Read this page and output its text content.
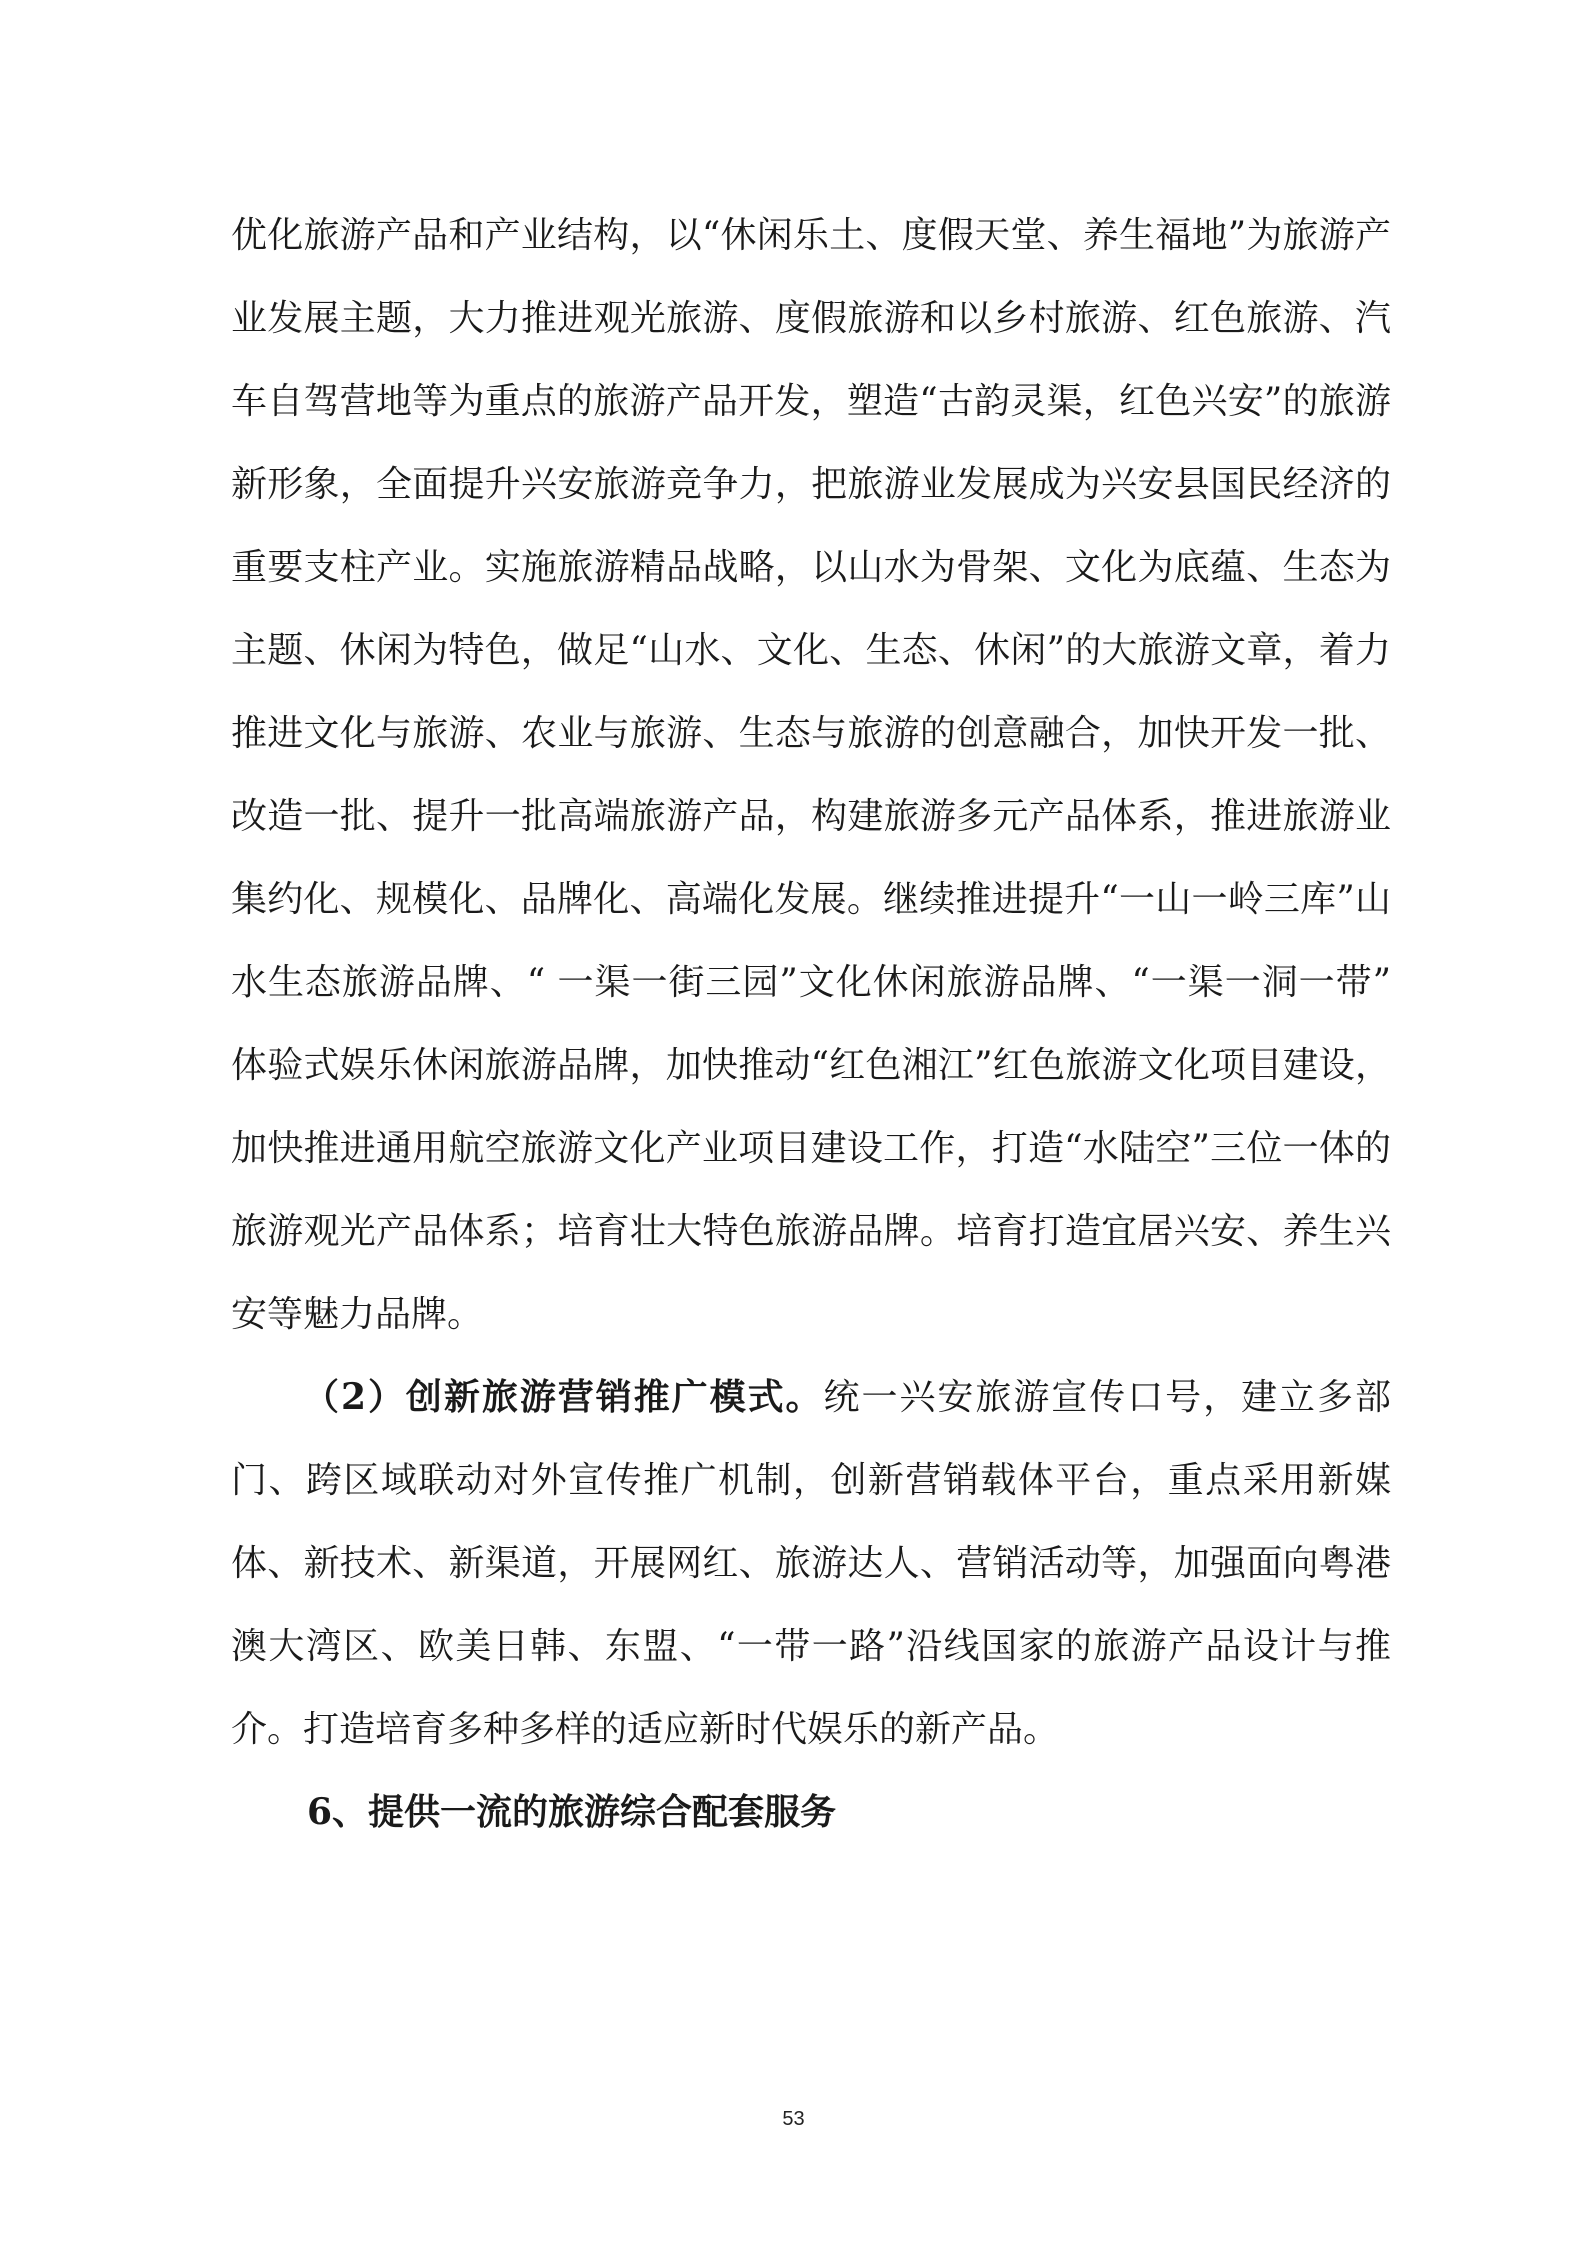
优化旅游产品和产业结构，以“休闲乐土、度假天堂、养生福地”为旅游产业发展主题，大力推进观光旅游、度假旅游和以乡村旅游、红色旅游、汽车自驾营地等为重点的旅游产品开发，塑造“古韵灵渠，红色兴安”的旅游新形象，全面提升兴安旅游竞争力，把旅游业发展成为兴安县国民经济的重要支柱产业。实施旅游精品战略，以山水为骨架、文化为底蕴、生态为主题、休闲为特色，做足“山水、文化、生态、休闲”的大旅游文章，着力推进文化与旅游、农业与旅游、生态与旅游的创意融合，加快开发一批、改造一批、提升一批高端旅游产品，构建旅游多元产品体系，推进旅游业集约化、规模化、品牌化、高端化发展。继续推进提升“一山一岭三库”山水生态旅游品牌、“ 一渠一街三园”文化休闲旅游品牌、“一渠一洞一带” 体验式娱乐休闲旅游品牌，加快推动“红色湘江”红色旅游文化项目建设，加快推进通用航空旅游文化产业项目建设工作，打造“水陆空”三位一体的旅游观光产品体系；培育壮大特色旅游品牌。培育打造宜居兴安、养生兴安等魅力品牌。

（2）创新旅游营销推广模式。统一兴安旅游宣传口号，建立多部门、跨区域联动对外宣传推广机制，创新营销载体平台，重点采用新媒体、新技术、新渠道，开展网红、旅游达人、营销活动等，加强面向粤港澳大湾区、欧美日韩、东盟、“一带一路”沿线国家的旅游产品设计与推介。打造培育多种多样的适应新时代娱乐的新产品。

6、提供一流的旅游综合配套服务

53
